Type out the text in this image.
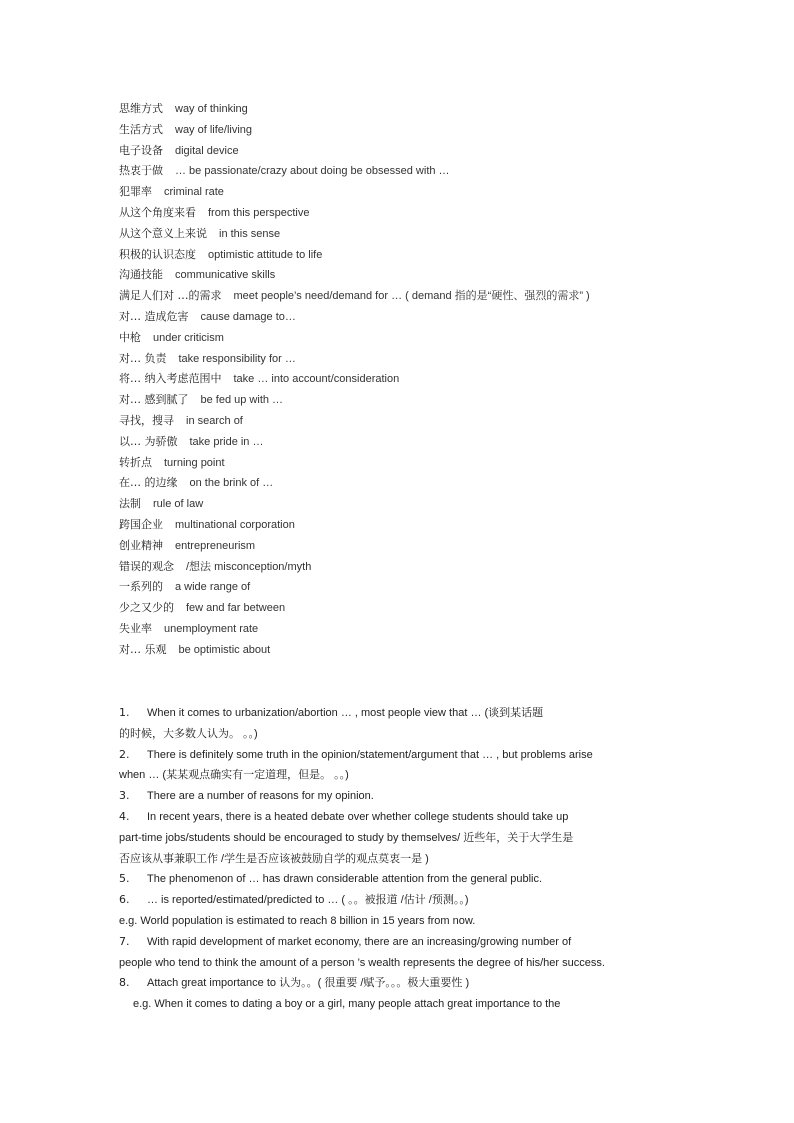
思维方式 way of thinking
生活方式 way of life/living
电子设备 digital device
热衷于做 … be passionate/crazy about doing be obsessed with …
犯罪率 criminal rate
从这个角度来看 from this perspective
从这个意义上来说 in this sense
积极的认识态度 optimistic attitude to life
沟通技能 communicative skills
满足人们对 …的需求 meet people’s need/demand for … ( demand 指的是“硬性、强烈的需求” )
对… 造成危害 cause damage to…
中枪 under criticism
对… 负责 take responsibility for …
将… 纳入考虑范围中 take … into account/consideration
对… 感到腻了 be fed up with …
寻找，搜寻 in search of
以… 为骄傲 take pride in …
转折点 turning point
在… 的边缘 on the brink of …
法制 rule of law
跨国企业 multinational corporation
创业精神 entrepreneurism
错误的观念 /想法 misconception/myth
一系列的 a wide range of
少之又少的 few and far between
失业率 unemployment rate
对… 乐观 be optimistic about
1. When it comes to urbanization/abortion … , most people view that … (谈到某话题
的时候，大多数人认为。 。。)
2. There is definitely some truth in the opinion/statement/argument that … , but problems arise
when … (某某观点确实有一定道理，但是。 。。)
3. There are a number of reasons for my opinion.
4. In recent years, there is a heated debate over whether college students should take up
part-time jobs/students should be encouraged to study by themselves/ 近些年，关于大学生是
否应该从事兼职工作 /学生是否应该被鼓励自学的观点莫衷一是 )
5. The phenomenon of … has drawn considerable attention from the general public.
6. … is reported/estimated/predicted to … ( 。。被报道 /估计 /预测。。)
e.g. World population is estimated to reach 8 billion in 15 years from now.
7. With rapid development of market economy, there are an increasing/growing number of
people who tend to think the amount of a person ’s wealth represents the degree of his/her success.
8. Attach great importance to 认为。。( 很重要 /赋予。。。极大重要性 )
e.g. When it comes to dating a boy or a girl, many people attach great importance to the
